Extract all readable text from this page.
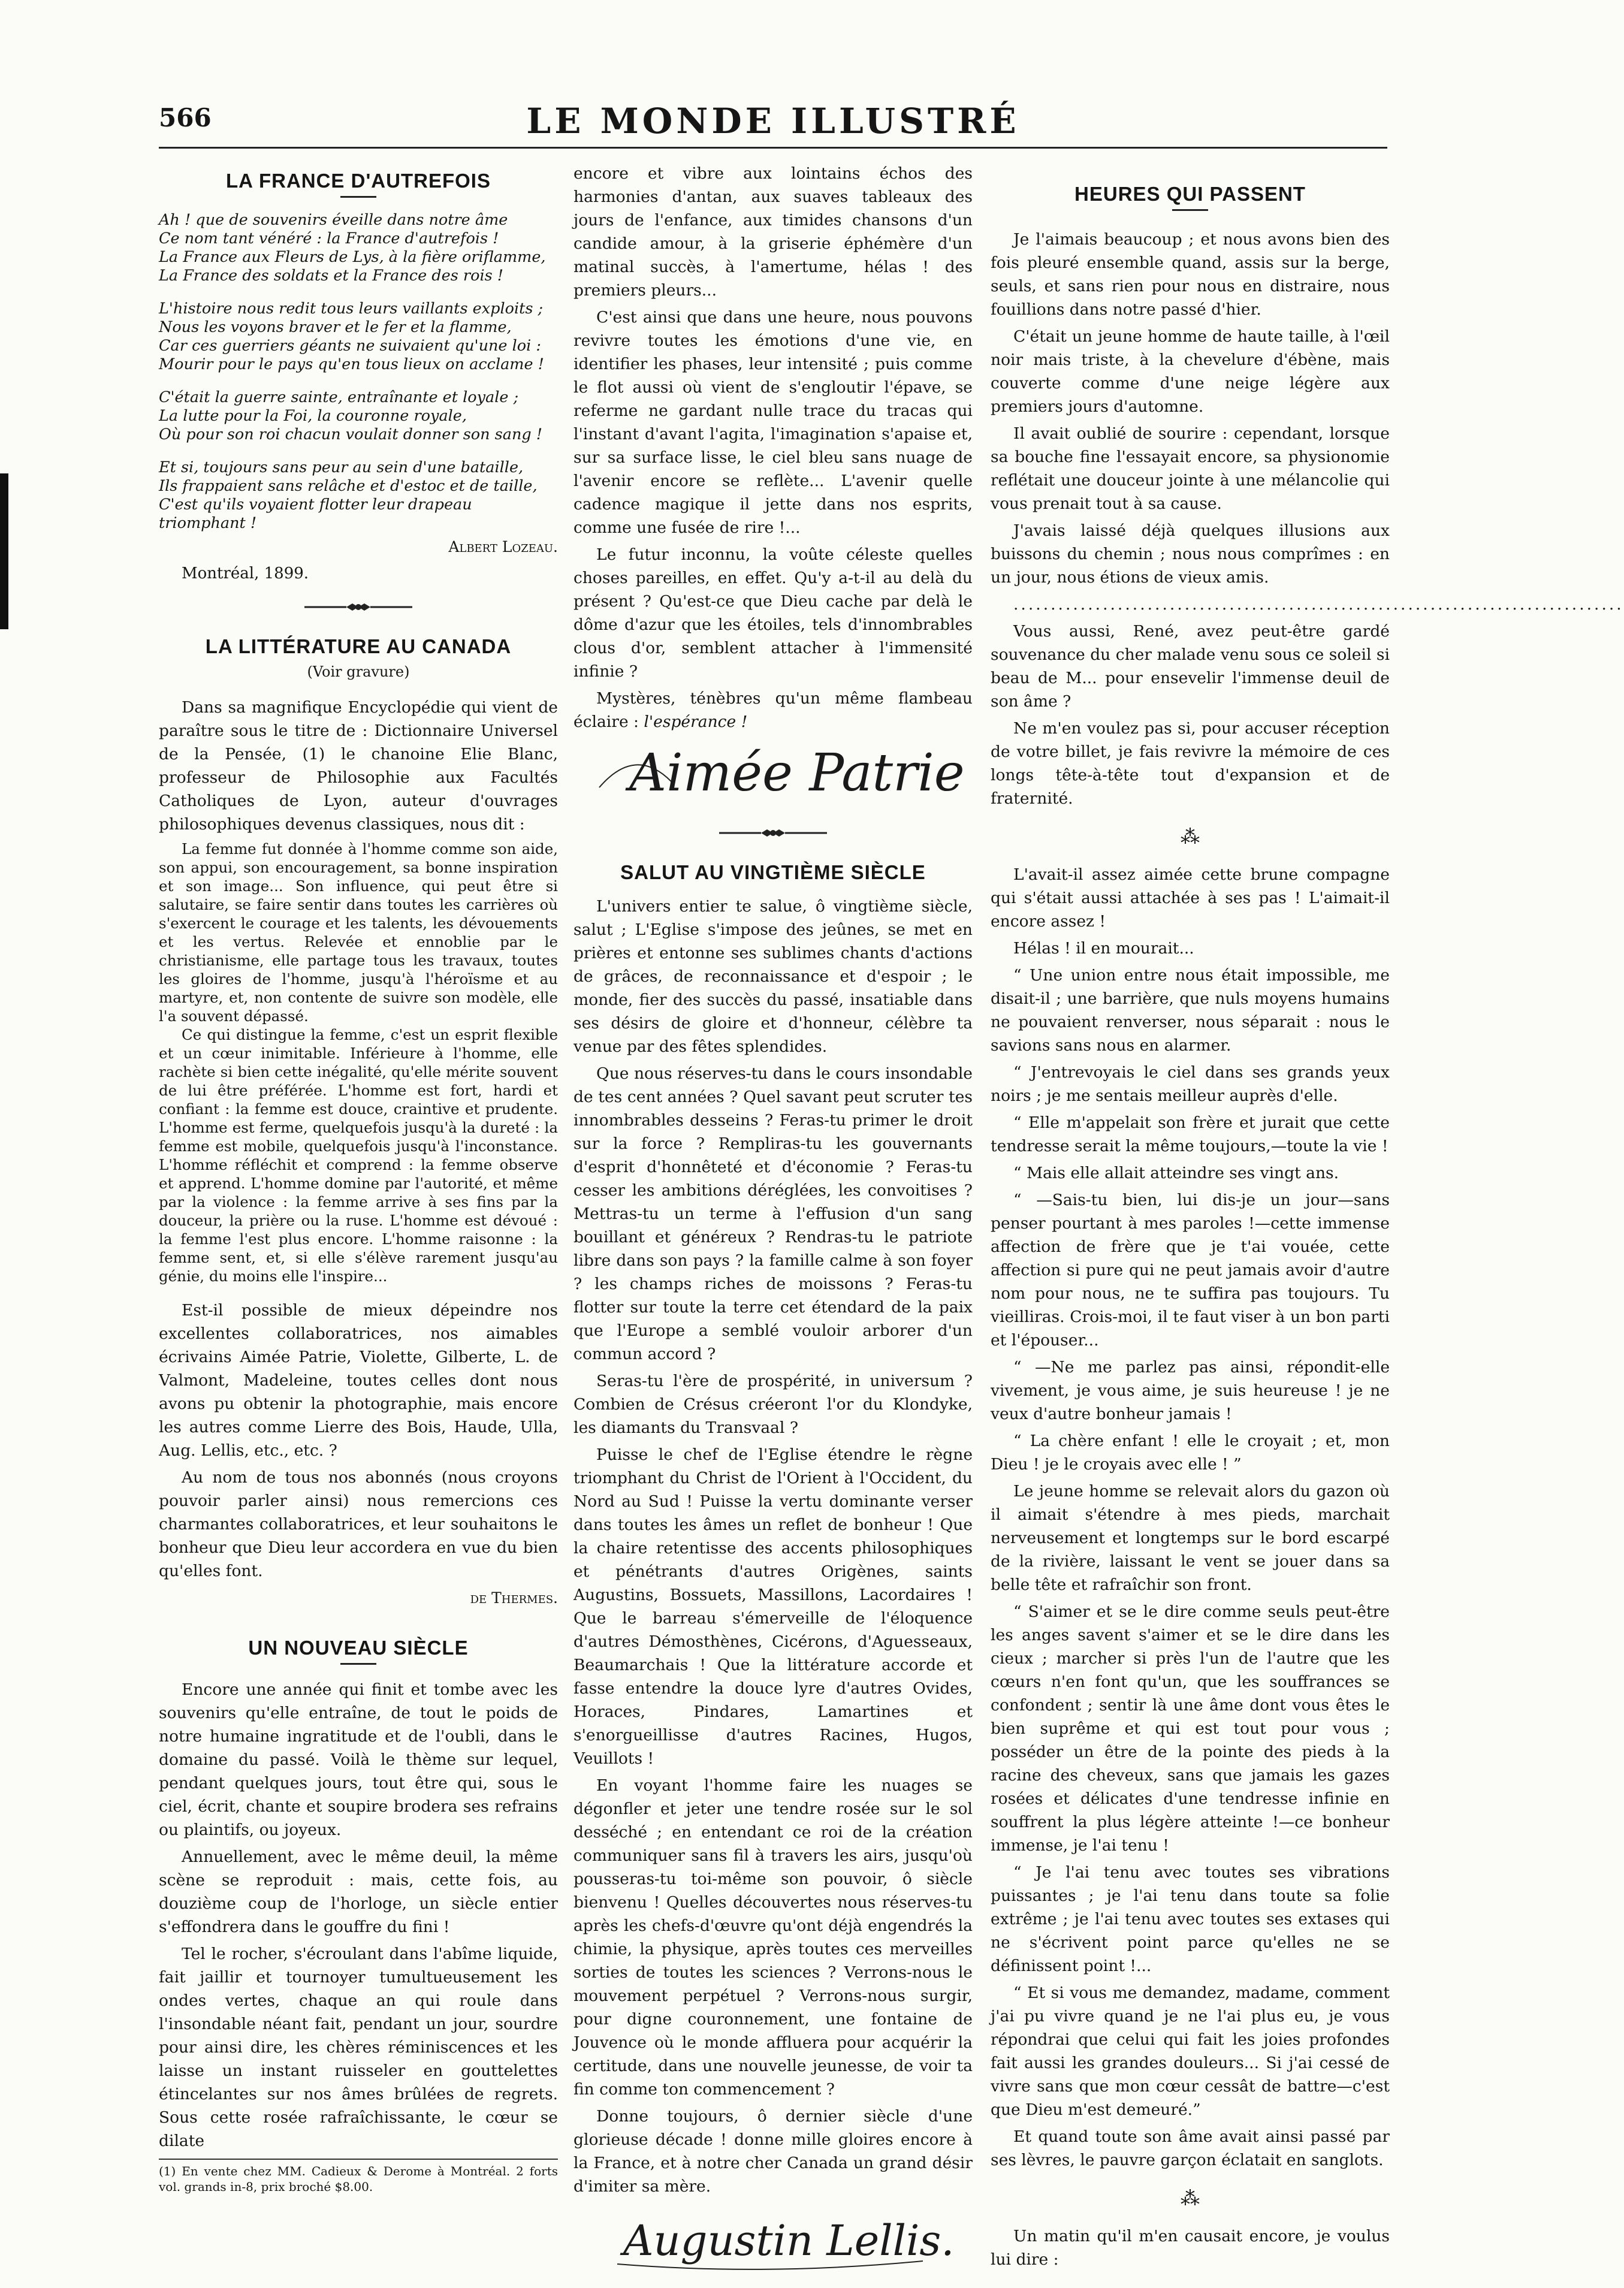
566	LE MONDE ILLUSTRÉ
LA FRANCE D'AUTREFOIS
Ah ! que de souvenirs éveille dans notre âme
Ce nom tant vénéré : la France d'autrefois !
La France aux Fleurs de Lys, à la fière oriflamme,
La France des soldats et la France des rois !
L'histoire nous redit tous leurs vaillants exploits ;
Nous les voyons braver et le fer et la flamme,
Car ces guerriers géants ne suivaient qu'une loi :
Mourir pour le pays qu'en tous lieux on acclame !
C'était la guerre sainte, entraînante et loyale ;
La lutte pour la Foi, la couronne royale,
Où pour son roi chacun voulait donner son sang !
Et si, toujours sans peur au sein d'une bataille,
Ils frappaient sans relâche et d'estoc et de taille,
C'est qu'ils voyaient flotter leur drapeau triomphant !
Albert Lozeau.
Montréal, 1899.
LA LITTÉRATURE AU CANADA
(Voir gravure)

Dans sa magnifique Encyclopédie qui vient de paraître sous le titre de : Dictionnaire Universel de la Pensée, (1) le chanoine Elie Blanc, professeur de Philosophie aux Facultés Catholiques de Lyon, auteur d'ouvrages philosophiques devenus classiques, nous dit :

La femme fut donnée à l'homme comme son aide, son appui, son encouragement, sa bonne inspiration et son image... Son influence, qui peut être si salutaire, se faire sentir dans toutes les carrières où s'exercent le courage et les talents, les dévouements et les vertus. Relevée et ennoblie par le christianisme, elle partage tous les travaux, toutes les gloires de l'homme, jusqu'à l'héroïsme et au martyre, et, non contente de suivre son modèle, elle l'a souvent dépassé.

Ce qui distingue la femme, c'est un esprit flexible et un cœur inimitable. Inférieure à l'homme, elle rachète si bien cette inégalité, qu'elle mérite souvent de lui être préférée. L'homme est fort, hardi et confiant : la femme est douce, craintive et prudente. L'homme est ferme, quelquefois jusqu'à la dureté : la femme est mobile, quelquefois jusqu'à l'inconstance. L'homme réfléchit et comprend : la femme observe et apprend. L'homme domine par l'autorité, et même par la violence : la femme arrive à ses fins par la douceur, la prière ou la ruse. L'homme est dévoué : la femme l'est plus encore. L'homme raisonne : la femme sent, et, si elle s'élève rarement jusqu'au génie, du moins elle l'inspire...

Est-il possible de mieux dépeindre nos excellentes collaboratrices, nos aimables écrivains Aimée Patrie, Violette, Gilberte, L. de Valmont, Madeleine, toutes celles dont nous avons pu obtenir la photographie, mais encore les autres comme Lierre des Bois, Haude, Ulla, Aug. Lellis, etc., etc. ?

Au nom de tous nos abonnés (nous croyons pouvoir parler ainsi) nous remercions ces charmantes collaboratrices, et leur souhaitons le bonheur que Dieu leur accordera en vue du bien qu'elles font.

de Thermes.
UN NOUVEAU SIÈCLE

Encore une année qui finit et tombe avec les souvenirs qu'elle entraîne, de tout le poids de notre humaine ingratitude et de l'oubli, dans le domaine du passé. Voilà le thème sur lequel, pendant quelques jours, tout être qui, sous le ciel, écrit, chante et soupire brodera ses refrains ou plaintifs, ou joyeux.

Annuellement, avec le même deuil, la même scène se reproduit : mais, cette fois, au douzième coup de l'horloge, un siècle entier s'effondrera dans le gouffre du fini !

Tel le rocher, s'écroulant dans l'abîme liquide, fait jaillir et tournoyer tumultueusement les ondes vertes, chaque an qui roule dans l'insondable néant fait, pendant un jour, sourdre pour ainsi dire, les chères réminiscences et les laisse un instant ruisseler en gouttelettes étincelantes sur nos âmes brûlées de regrets. Sous cette rosée rafraîchissante, le cœur se dilate

(1) En vente chez MM. Cadieux & Derome à Montréal. 2 forts vol. grands in-8, prix broché $8.00.

encore et vibre aux lointains échos des harmonies d'antan, aux suaves tableaux des jours de l'enfance, aux timides chansons d'un candide amour, à la griserie éphémère d'un matinal succès, à l'amertume, hélas ! des premiers pleurs...

C'est ainsi que dans une heure, nous pouvons revivre toutes les émotions d'une vie, en identifier les phases, leur intensité ; puis comme le flot aussi où vient de s'engloutir l'épave, se referme ne gardant nulle trace du tracas qui l'instant d'avant l'agita, l'imagination s'apaise et, sur sa surface lisse, le ciel bleu sans nuage de l'avenir encore se reflète... L'avenir quelle cadence magique il jette dans nos esprits, comme une fusée de rire !...

Le futur inconnu, la voûte céleste quelles choses pareilles, en effet. Qu'y a-t-il au delà du présent ? Qu'est-ce que Dieu cache par delà le dôme d'azur que les étoiles, tels d'innombrables clous d'or, semblent attacher à l'immensité infinie ?

Mystères, ténèbres qu'un même flambeau éclaire : l'espérance !

Aimée Patrie
SALUT AU VINGTIÈME SIÈCLE

L'univers entier te salue, ô vingtième siècle, salut ; L'Eglise s'impose des jeûnes, se met en prières et entonne ses sublimes chants d'actions de grâces, de reconnaissance et d'espoir ; le monde, fier des succès du passé, insatiable dans ses désirs de gloire et d'honneur, célèbre ta venue par des fêtes splendides.

Que nous réserves-tu dans le cours insondable de tes cent années ? Quel savant peut scruter tes innombrables desseins ? Feras-tu primer le droit sur la force ? Rempliras-tu les gouvernants d'esprit d'honnêteté et d'économie ? Feras-tu cesser les ambitions déréglées, les convoitises ? Mettras-tu un terme à l'effusion d'un sang bouillant et généreux ? Rendras-tu le patriote libre dans son pays ? la famille calme à son foyer ? les champs riches de moissons ? Feras-tu flotter sur toute la terre cet étendard de la paix que l'Europe a semblé vouloir arborer d'un commun accord ?

Seras-tu l'ère de prospérité, in universum ? Combien de Crésus créeront l'or du Klondyke, les diamants du Transvaal ?

Puisse le chef de l'Eglise étendre le règne triomphant du Christ de l'Orient à l'Occident, du Nord au Sud ! Puisse la vertu dominante verser dans toutes les âmes un reflet de bonheur ! Que la chaire retentisse des accents philosophiques et pénétrants d'autres Origènes, saints Augustins, Bossuets, Massillons, Lacordaires ! Que le barreau s'émerveille de l'éloquence d'autres Démosthènes, Cicérons, d'Aguesseaux, Beaumarchais ! Que la littérature accorde et fasse entendre la douce lyre d'autres Ovides, Horaces, Pindares, Lamartines et s'enorgueillisse d'autres Racines, Hugos, Veuillots !

En voyant l'homme faire les nuages se dégonfler et jeter une tendre rosée sur le sol desséché ; en entendant ce roi de la création communiquer sans fil à travers les airs, jusqu'où pousseras-tu toi-même son pouvoir, ô siècle bienvenu ! Quelles découvertes nous réserves-tu après les chefs-d'œuvre qu'ont déjà engendrés la chimie, la physique, après toutes ces merveilles sorties de toutes les sciences ? Verrons-nous le mouvement perpétuel ? Verrons-nous surgir, pour digne couronnement, une fontaine de Jouvence où le monde affluera pour acquérir la certitude, dans une nouvelle jeunesse, de voir ta fin comme ton commencement ?

Donne toujours, ô dernier siècle d'une glorieuse décade ! donne mille gloires encore à la France, et à notre cher Canada un grand désir d'imiter sa mère.

Augustin Lellis.
HEURES QUI PASSENT

Je l'aimais beaucoup ; et nous avons bien des fois pleuré ensemble quand, assis sur la berge, seuls, et sans rien pour nous en distraire, nous fouillions dans notre passé d'hier.

C'était un jeune homme de haute taille, à l'œil noir mais triste, à la chevelure d'ébène, mais couverte comme d'une neige légère aux premiers jours d'automne.

Il avait oublié de sourire : cependant, lorsque sa bouche fine l'essayait encore, sa physionomie reflétait une douceur jointe à une mélancolie qui vous prenait tout à sa cause.

J'avais laissé déjà quelques illusions aux buissons du chemin ; nous nous comprîmes : en un jour, nous étions de vieux amis.

..................................................................................

Vous aussi, René, avez peut-être gardé souvenance du cher malade venu sous ce soleil si beau de M... pour ensevelir l'immense deuil de son âme ?

Ne m'en voulez pas si, pour accuser réception de votre billet, je fais revivre la mémoire de ces longs tête-à-tête tout d'expansion et de fraternité.

⁂

L'avait-il assez aimée cette brune compagne qui s'était aussi attachée à ses pas ! L'aimait-il encore assez !

Hélas ! il en mourait...

“ Une union entre nous était impossible, me disait-il ; une barrière, que nuls moyens humains ne pouvaient renverser, nous séparait : nous le savions sans nous en alarmer.

“ J'entrevoyais le ciel dans ses grands yeux noirs ; je me sentais meilleur auprès d'elle.

“ Elle m'appelait son frère et jurait que cette tendresse serait la même toujours,—toute la vie !

“ Mais elle allait atteindre ses vingt ans.

“ —Sais-tu bien, lui dis-je un jour—sans penser pourtant à mes paroles !—cette immense affection de frère que je t'ai vouée, cette affection si pure qui ne peut jamais avoir d'autre nom pour nous, ne te suffira pas toujours. Tu vieilliras. Crois-moi, il te faut viser à un bon parti et l'épouser...

“ —Ne me parlez pas ainsi, répondit-elle vivement, je vous aime, je suis heureuse ! je ne veux d'autre bonheur jamais !

“ La chère enfant ! elle le croyait ; et, mon Dieu ! je le croyais avec elle ! ”

Le jeune homme se relevait alors du gazon où il aimait s'étendre à mes pieds, marchait nerveusement et longtemps sur le bord escarpé de la rivière, laissant le vent se jouer dans sa belle tête et rafraîchir son front.

“ S'aimer et se le dire comme seuls peut-être les anges savent s'aimer et se le dire dans les cieux ; marcher si près l'un de l'autre que les cœurs n'en font qu'un, que les souffrances se confondent ; sentir là une âme dont vous êtes le bien suprême et qui est tout pour vous ; posséder un être de la pointe des pieds à la racine des cheveux, sans que jamais les gazes rosées et délicates d'une tendresse infinie en souffrent la plus légère atteinte !—ce bonheur immense, je l'ai tenu !

“ Je l'ai tenu avec toutes ses vibrations puissantes ; je l'ai tenu dans toute sa folie extrême ; je l'ai tenu avec toutes ses extases qui ne s'écrivent point parce qu'elles ne se définissent point !...

“ Et si vous me demandez, madame, comment j'ai pu vivre quand je ne l'ai plus eu, je vous répondrai que celui qui fait les joies profondes fait aussi les grandes douleurs... Si j'ai cessé de vivre sans que mon cœur cessât de battre—c'est que Dieu m'est demeuré.”

Et quand toute son âme avait ainsi passé par ses lèvres, le pauvre garçon éclatait en sanglots.

⁂

Un matin qu'il m'en causait encore, je voulus lui dire :
